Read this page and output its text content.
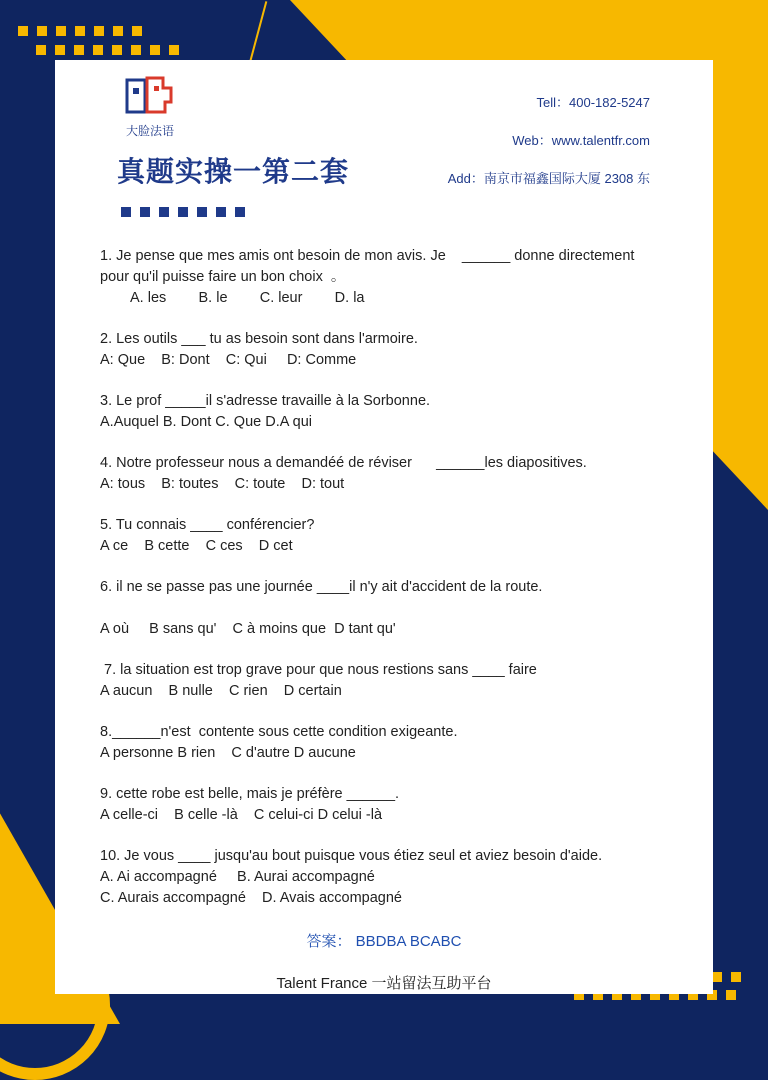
大脸法语
真题实操一第二套
Tell：400-182-5247
Web：www.talentfr.com
Add：南京市福鑫国际大厦 2308 东
1. Je pense que mes amis ont besoin de mon avis. Je    ______ donne directement
pour qu'il puisse faire un bon choix  。
A. les        B. le        C. leur        D. la
2. Les outils ___ tu as besoin sont dans l'armoire.
A: Que    B: Dont    C: Qui     D: Comme
3. Le prof _____il s'adresse travaille à la Sorbonne.
A.Auquel B. Dont C. Que D.A qui
4. Notre professeur nous a demandéé de réviser      ______les diapositives.
A: tous    B: toutes    C: toute    D: tout
5. Tu connais ____ conférencier?
A ce    B cette    C ces    D cet
6. il ne se passe pas une journée ____il n'y ait d'accident de la route.
A où     B sans qu'    C à moins que  D tant qu'
7. la situation est trop grave pour que nous restions sans ____ faire
A aucun    B nulle    C rien    D certain
8.______n'est  contente sous cette condition exigeante.
A personne B rien    C d'autre D aucune
9. cette robe est belle, mais je préfère ______.
A celle-ci    B celle -là    C celui-ci D celui -là
10. Je vous ____ jusqu'au bout puisque vous étiez seul et aviez besoin d'aide.
A. Ai accompagné     B. Aurai accompagné
C. Aurais accompagné    D. Avais accompagné
答案： BBDBA BCABC
Talent France 一站留法互助平台
